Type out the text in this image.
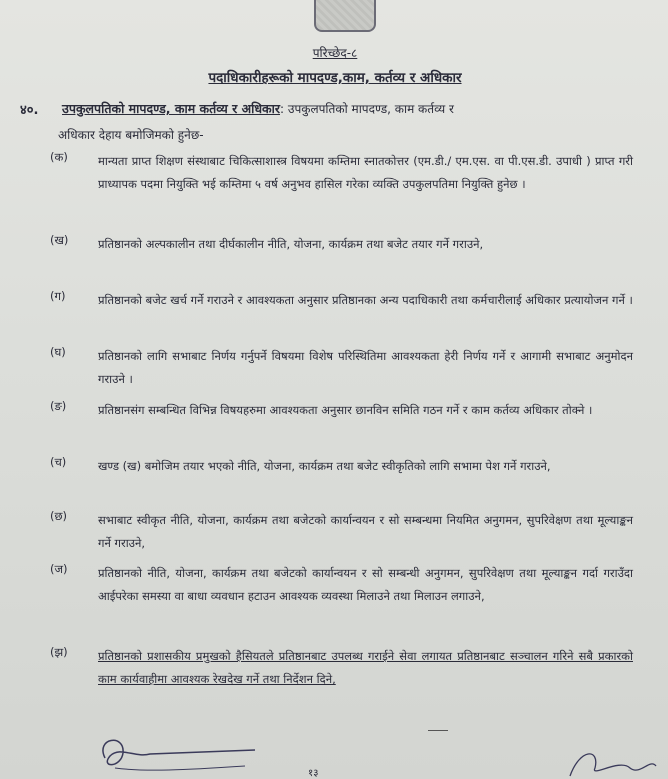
परिच्छेद-८
पदाधिकारीहरूको मापदण्ड,काम, कर्तव्य र अधिकार
४०. उपकुलपतिको मापदण्ड, काम कर्तव्य र अधिकार: उपकुलपतिको मापदण्ड, काम कर्तव्य र
अधिकार देहाय बमोजिमको हुनेछ-
(क)	मान्यता प्राप्त शिक्षण संस्थाबाट चिकित्साशास्त्र विषयमा कम्तिमा स्नातकोत्तर (एम.डी./ एम.एस. वा पी.एस.डी. उपाधी ) प्राप्त गरी प्राध्यापक पदमा नियुक्ति भई कम्तिमा ५ वर्ष अनुभव हासिल गरेका व्यक्ति उपकुलपतिमा नियुक्ति हुनेछ ।
(ख)	प्रतिष्ठानको अल्पकालीन तथा दीर्घकालीन नीति, योजना, कार्यक्रम तथा बजेट तयार गर्ने गराउने,
(ग)	प्रतिष्ठानको बजेट खर्च गर्ने गराउने र आवश्यकता अनुसार प्रतिष्ठानका अन्य पदाधिकारी तथा कर्मचारीलाई अधिकार प्रत्यायोजन गर्ने ।
(घ)	प्रतिष्ठानको लागि सभाबाट निर्णय गर्नुपर्ने विषयमा विशेष परिस्थितिमा आवश्यकता हेरी निर्णय गर्ने र आगामी सभाबाट अनुमोदन गराउने ।
(ङ)	प्रतिष्ठानसंग सम्बन्धित विभिन्न विषयहरुमा आवश्यकता अनुसार छानविन समिति गठन गर्ने र काम कर्तव्य अधिकार तोक्ने ।
(च)	खण्ड (ख) बमोजिम तयार भएको नीति, योजना, कार्यक्रम तथा बजेट स्वीकृतिको लागि सभामा पेश गर्ने गराउने,
(छ)	सभाबाट स्वीकृत नीति, योजना, कार्यक्रम तथा बजेटको कार्यान्वयन र सो सम्बन्धमा नियमित अनुगमन, सुपरिवेक्षण तथा मूल्याङ्कन गर्ने गराउने,
(ज)	प्रतिष्ठानको नीति, योजना, कार्यक्रम तथा बजेटको कार्यान्वयन र सो सम्बन्धी अनुगमन, सुपरिवेक्षण तथा मूल्याङ्कन गर्दा गराउँदा आईपरेका समस्या वा बाधा व्यवधान हटाउन आवश्यक व्यवस्था मिलाउने तथा मिलाउन लगाउने,
(झ)	प्रतिष्ठानको प्रशासकीय प्रमुखको हैसियतले प्रतिष्ठानबाट उपलब्ध गराईने सेवा लगायत प्रतिष्ठानबाट सञ्चालन गरिने सबै प्रकारको काम कार्यवाहीमा आवश्यक रेखदेख गर्ने तथा निर्देशन दिने,
१३
